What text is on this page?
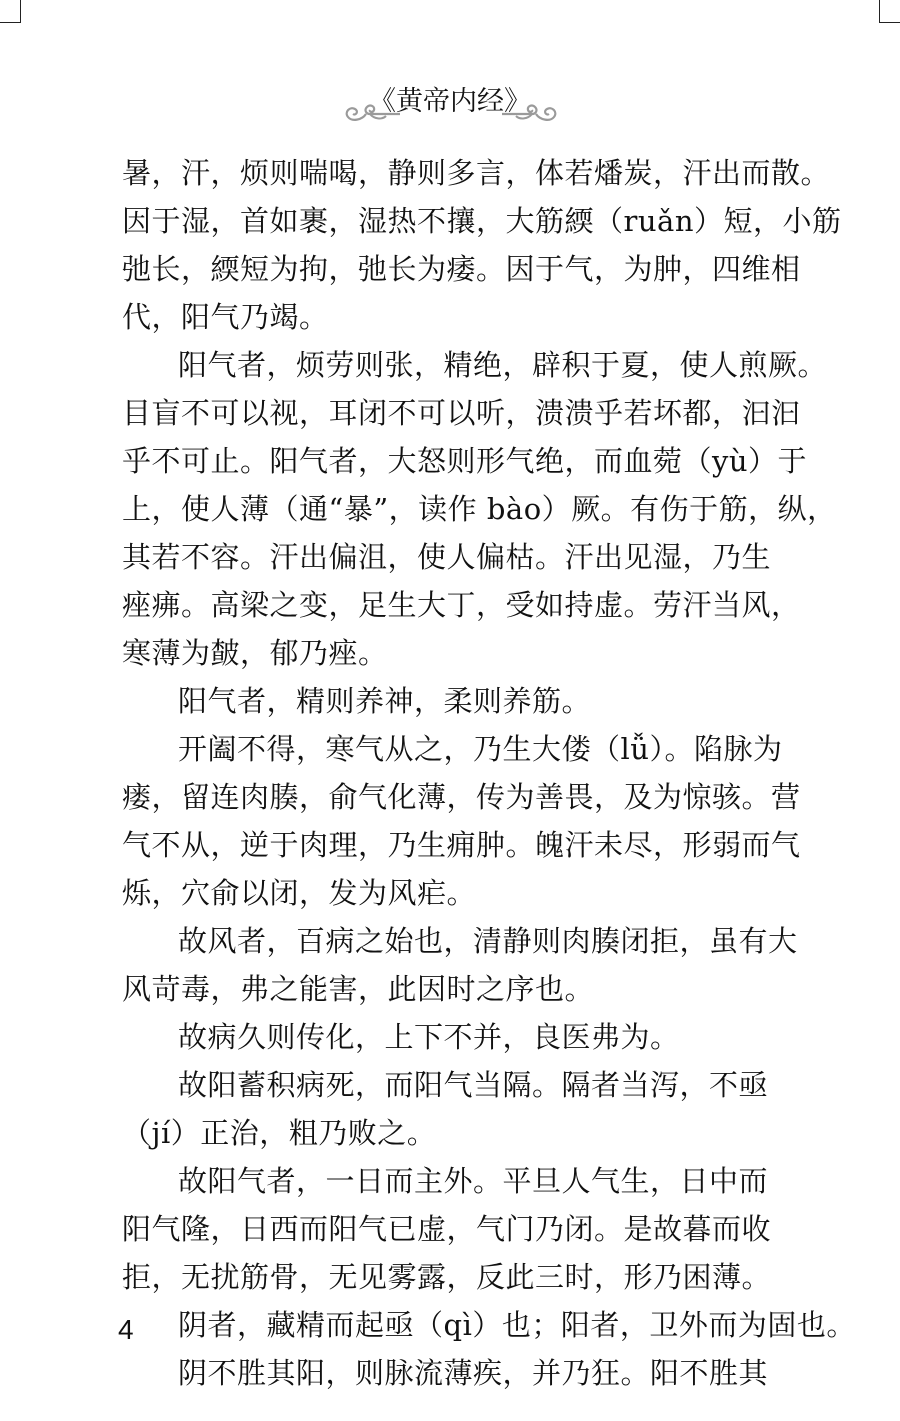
《黄帝内经》
暑，汗，烦则喘喝，静则多言，体若燔炭，汗出而散。
因于湿，首如裹，湿热不攘，大筋緛（ruǎn）短，小筋
弛长，緛短为拘，弛长为痿。因于气，为肿，四维相
代，阳气乃竭。
阳气者，烦劳则张，精绝，辟积于夏，使人煎厥。
目盲不可以视，耳闭不可以听，溃溃乎若坏都，汩汩
乎不可止。阳气者，大怒则形气绝，而血菀（yù）于
上，使人薄（通“暴”，读作 bào）厥。有伤于筋，纵，
其若不容。汗出偏沮，使人偏枯。汗出见湿，乃生
痤疿。高梁之变，足生大丁，受如持虚。劳汗当风，
寒薄为皶，郁乃痤。
阳气者，精则养神，柔则养筋。
开阖不得，寒气从之，乃生大偻（lǚ）。陷脉为
瘘，留连肉腠，俞气化薄，传为善畏，及为惊骇。营
气不从，逆于肉理，乃生痈肿。魄汗未尽，形弱而气
烁，穴俞以闭，发为风疟。
故风者，百病之始也，清静则肉腠闭拒，虽有大
风苛毒，弗之能害，此因时之序也。
故病久则传化，上下不并，良医弗为。
故阳蓄积病死，而阳气当隔。隔者当泻，不亟
（jí）正治，粗乃败之。
故阳气者，一日而主外。平旦人气生，日中而
阳气隆，日西而阳气已虚，气门乃闭。是故暮而收
拒，无扰筋骨，无见雾露，反此三时，形乃困薄。
阴者，藏精而起亟（qì）也；阳者，卫外而为固也。
阴不胜其阳，则脉流薄疾，并乃狂。阳不胜其
4
